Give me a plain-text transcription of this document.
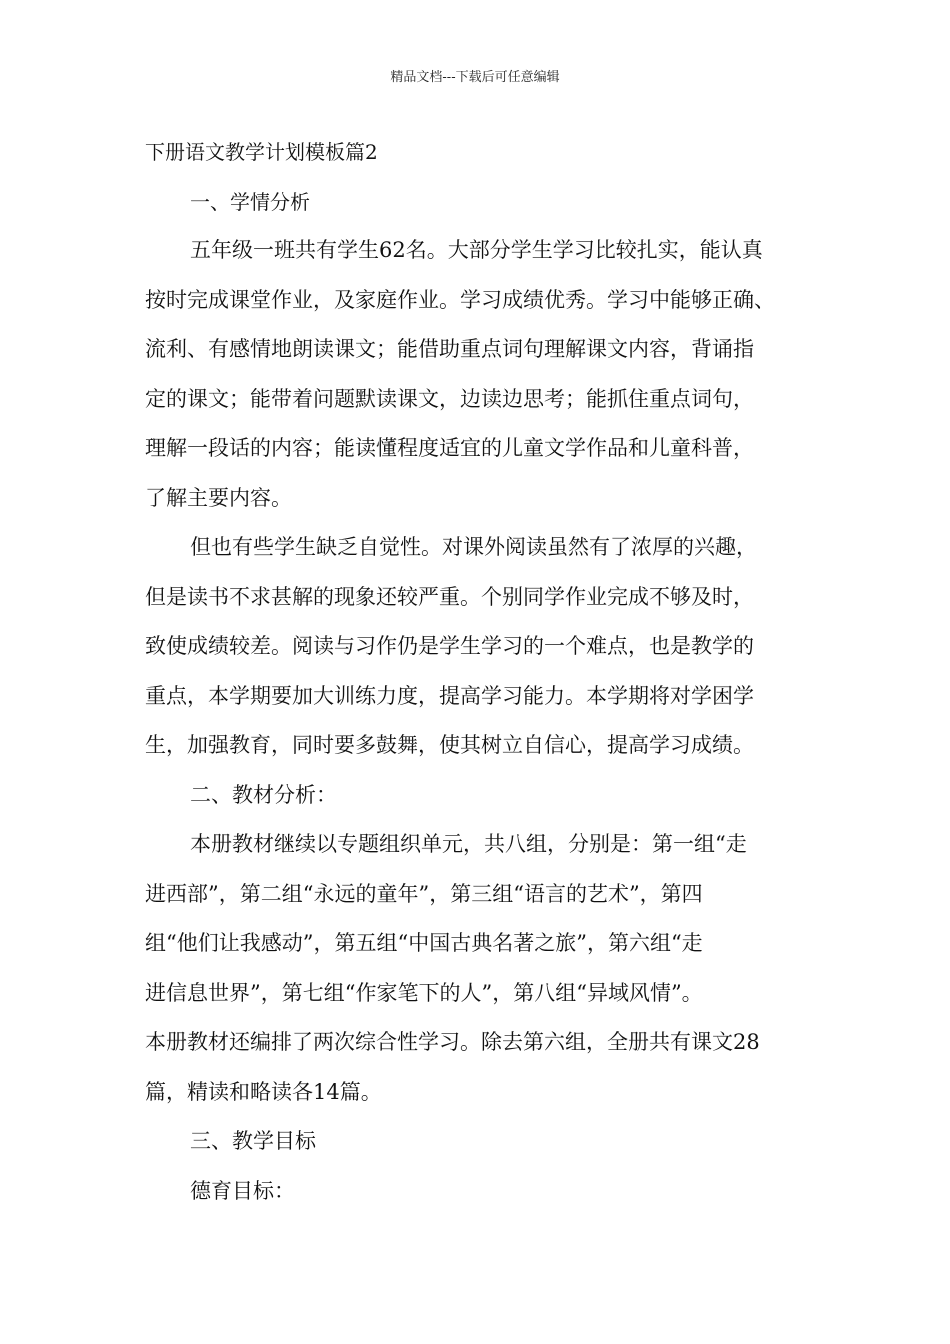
精品文档---下载后可任意编辑
下册语文教学计划模板篇2
一、学情分析
五年级一班共有学生62名。大部分学生学习比较扎实，能认真
按时完成课堂作业，及家庭作业。学习成绩优秀。学习中能够正确、
流利、有感情地朗读课文；能借助重点词句理解课文内容，背诵指
定的课文；能带着问题默读课文，边读边思考；能抓住重点词句，
理解一段话的内容；能读懂程度适宜的儿童文学作品和儿童科普，
了解主要内容。
但也有些学生缺乏自觉性。对课外阅读虽然有了浓厚的兴趣，
但是读书不求甚解的现象还较严重。个别同学作业完成不够及时，
致使成绩较差。阅读与习作仍是学生学习的一个难点，也是教学的
重点，本学期要加大训练力度，提高学习能力。本学期将对学困学
生，加强教育，同时要多鼓舞，使其树立自信心，提高学习成绩。
二、教材分析：
本册教材继续以专题组织单元，共八组，分别是：第一组“走
进西部”，第二组“永远的童年”，第三组“语言的艺术”，第四
组“他们让我感动”，第五组“中国古典名著之旅”，第六组“走
进信息世界”，第七组“作家笔下的人”，第八组“异域风情”。
本册教材还编排了两次综合性学习。除去第六组，全册共有课文28
篇，精读和略读各14篇。
三、教学目标
德育目标：
